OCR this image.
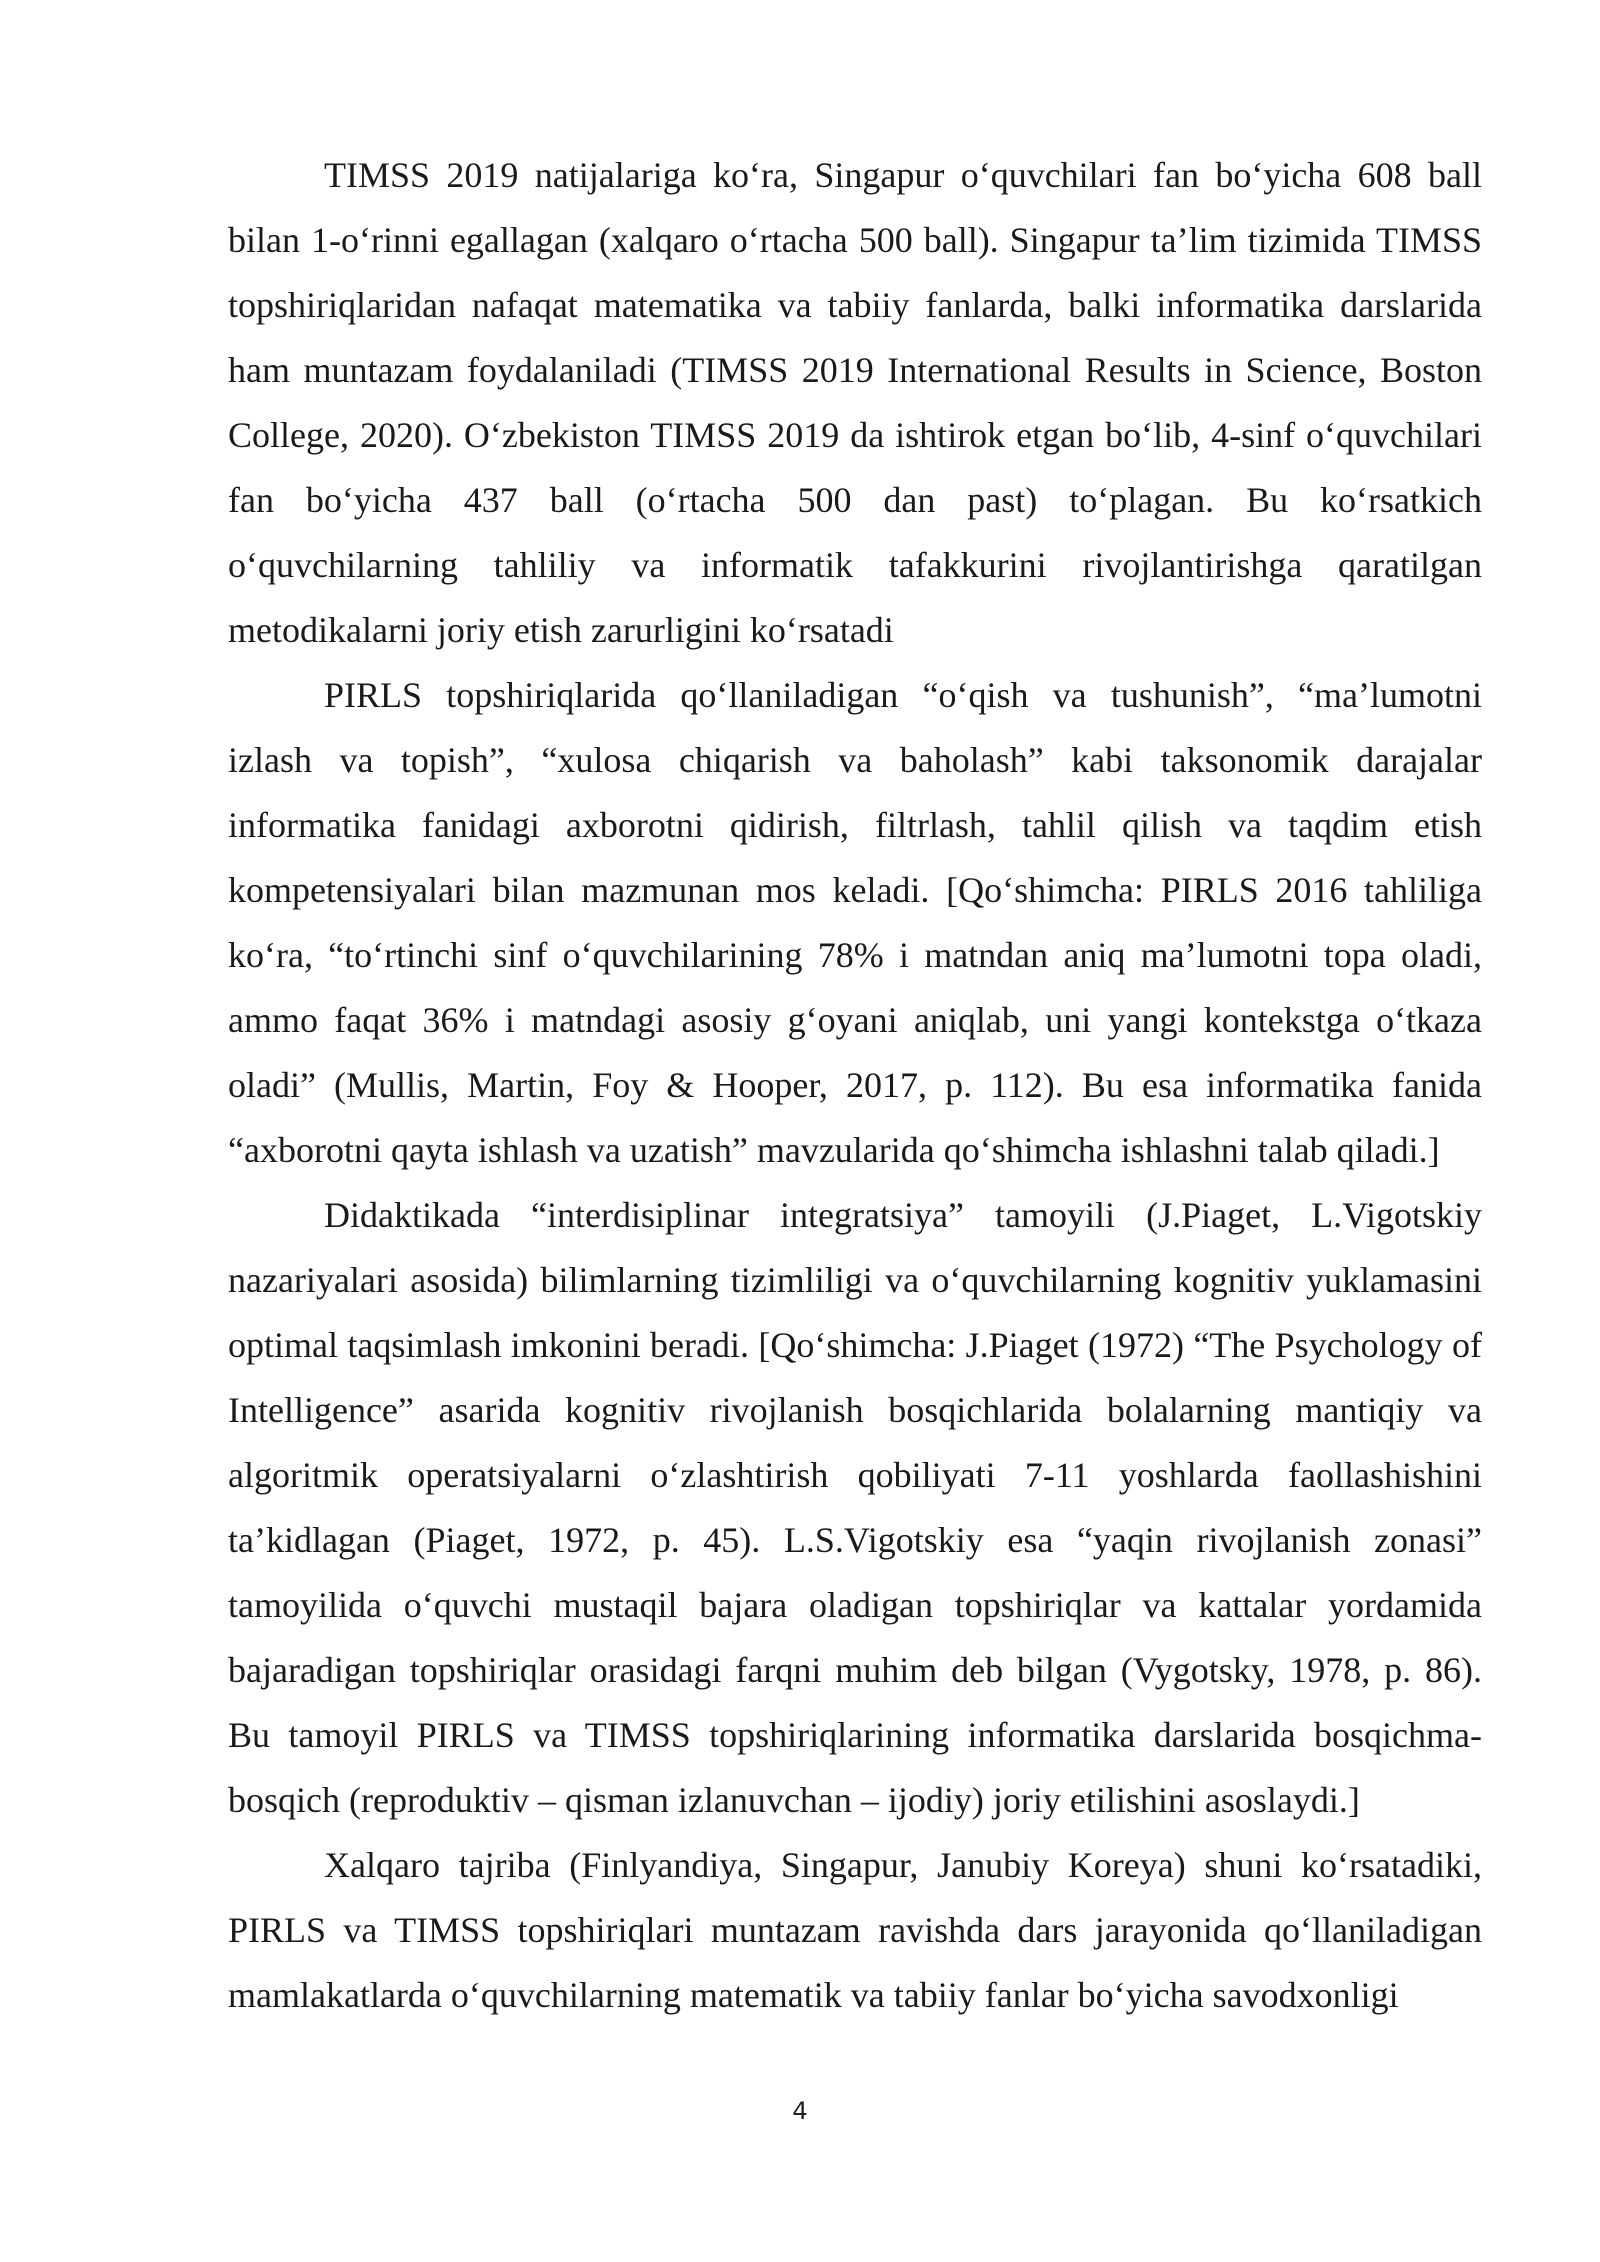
TIMSS 2019 natijalariga ko‘ra, Singapur o‘quvchilari fan bo‘yicha 608 ball bilan 1-o‘rinni egallagan (xalqaro o‘rtacha 500 ball). Singapur ta’lim tizimida TIMSS topshiriqlaridan nafaqat matematika va tabiiy fanlarda, balki informatika darslarida ham muntazam foydalaniladi (TIMSS 2019 International Results in Science, Boston College, 2020). O‘zbekiston TIMSS 2019 da ishtirok etgan bo‘lib, 4-sinf o‘quvchilari fan bo‘yicha 437 ball (o‘rtacha 500 dan past) to‘plagan. Bu ko‘rsatkich o‘quvchilarning tahliliy va informatik tafakkurini rivojlantirishga qaratilgan metodikalarni joriy etish zarurligini ko‘rsatadi

PIRLS topshiriqlarida qo‘llaniladigan “o‘qish va tushunish”, “ma’lumotni izlash va topish”, “xulosa chiqarish va baholash” kabi taksonomik darajalar informatika fanidagi axborotni qidirish, filtrlash, tahlil qilish va taqdim etish kompetensiyalari bilan mazmunan mos keladi. [Qo‘shimcha: PIRLS 2016 tahliliga ko‘ra, “to‘rtinchi sinf o‘quvchilarining 78% i matndan aniq ma’lumotni topa oladi, ammo faqat 36% i matndagi asosiy g‘oyani aniqlab, uni yangi kontekstga o‘tkaza oladi” (Mullis, Martin, Foy & Hooper, 2017, p. 112). Bu esa informatika fanida “axborotni qayta ishlash va uzatish” mavzularida qo‘shimcha ishlashni talab qiladi.]

Didaktikada “interdisiplinar integratsiya” tamoyili (J.Piaget, L.Vigotskiy nazariyalari asosida) bilimlarning tizimliligi va o‘quvchilarning kognitiv yuklamasini optimal taqsimlash imkonini beradi. [Qo‘shimcha: J.Piaget (1972) “The Psychology of Intelligence” asarida kognitiv rivojlanish bosqichlarida bolalarning mantiqiy va algoritmik operatsiyalarni o‘zlashtirish qobiliyati 7-11 yoshlarda faollashishini ta’kidlagan (Piaget, 1972, p. 45). L.S.Vigotskiy esa “yaqin rivojlanish zonasi” tamoyilida o‘quvchi mustaqil bajara oladigan topshiriqlar va kattalar yordamida bajaradigan topshiriqlar orasidagi farqni muhim deb bilgan (Vygotsky, 1978, p. 86). Bu tamoyil PIRLS va TIMSS topshiriqlarining informatika darslarida bosqichma-bosqich (reproduktiv – qisman izlanuvchan – ijodiy) joriy etilishini asoslaydi.]

Xalqaro tajriba (Finlyandiya, Singapur, Janubiy Koreya) shuni ko‘rsatadiki, PIRLS va TIMSS topshiriqlari muntazam ravishda dars jarayonida qo‘llaniladigan mamlakatlarda o‘quvchilarning matematik va tabiiy fanlar bo‘yicha savodxonligi

4
